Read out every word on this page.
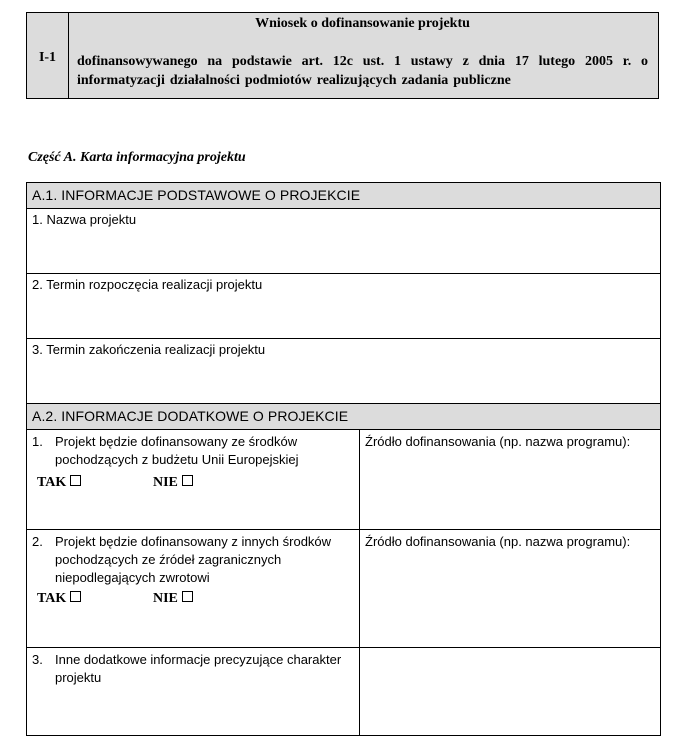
I-1

Wniosek o dofinansowanie projektu

dofinansowywanego na podstawie art. 12c ust. 1 ustawy z dnia 17 lutego 2005 r. o informatyzacji działalności podmiotów realizujących zadania publiczne

Część A. Karta informacyjna projektu

A.1. INFORMACJE PODSTAWOWE O PROJEKCIE	
1. Nazwa projektu	
2. Termin rozpoczęcia realizacji projektu	
3. Termin zakończenia realizacji projektu	
A.2. INFORMACJE DODATKOWE O PROJEKCIE	

1. Projekt będzie dofinansowany ze środków pochodzących z budżetu Unii Europejskiej
TAK NIE	Źródło dofinansowania (np. nazwa programu):

2. Projekt będzie dofinansowany z innych środków pochodzących ze źródeł zagranicznych niepodlegających zwrotowi
TAK NIE	Źródło dofinansowania (np. nazwa programu):

3. Inne dodatkowe informacje precyzujące charakter projektu	
